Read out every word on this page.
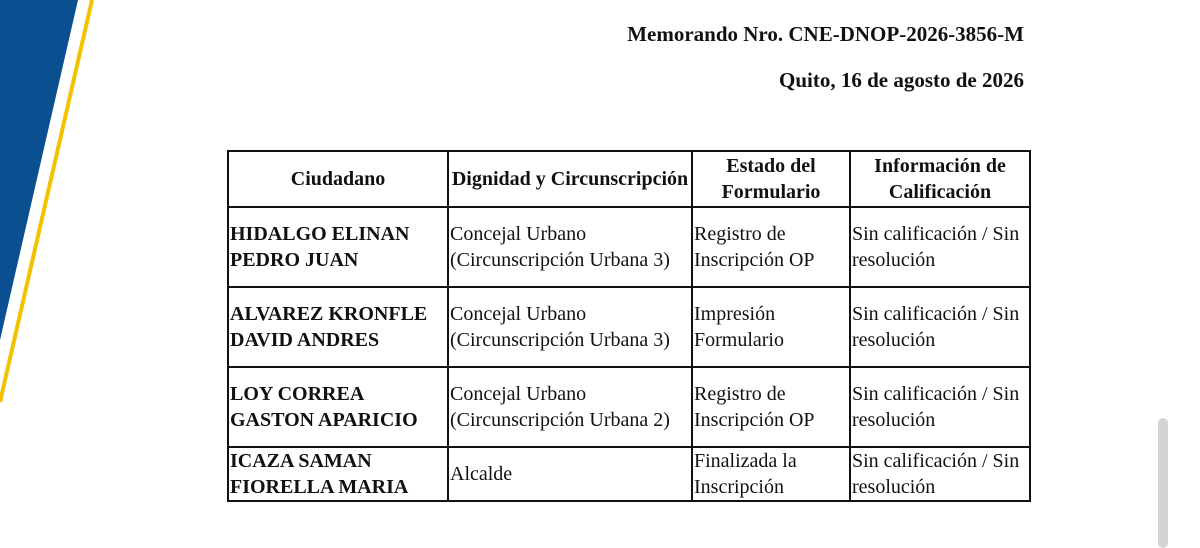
Memorando Nro. CNE-DNOP-2026-3856-M
Quito, 16 de agosto de 2026
Ciudadano	Dignidad y Circunscripción	Estado del Formulario	Información de Calificación
HIDALGO ELINAN PEDRO JUAN	Concejal Urbano (Circunscripción Urbana 3)	Registro de Inscripción OP	Sin calificación / Sin resolución
ALVAREZ KRONFLE DAVID ANDRES	Concejal Urbano (Circunscripción Urbana 3)	Impresión Formulario	Sin calificación / Sin resolución
LOY CORREA GASTON APARICIO	Concejal Urbano (Circunscripción Urbana 2)	Registro de Inscripción OP	Sin calificación / Sin resolución
ICAZA SAMAN FIORELLA MARIA	Alcalde	Finalizada la Inscripción	Sin calificación / Sin resolución
